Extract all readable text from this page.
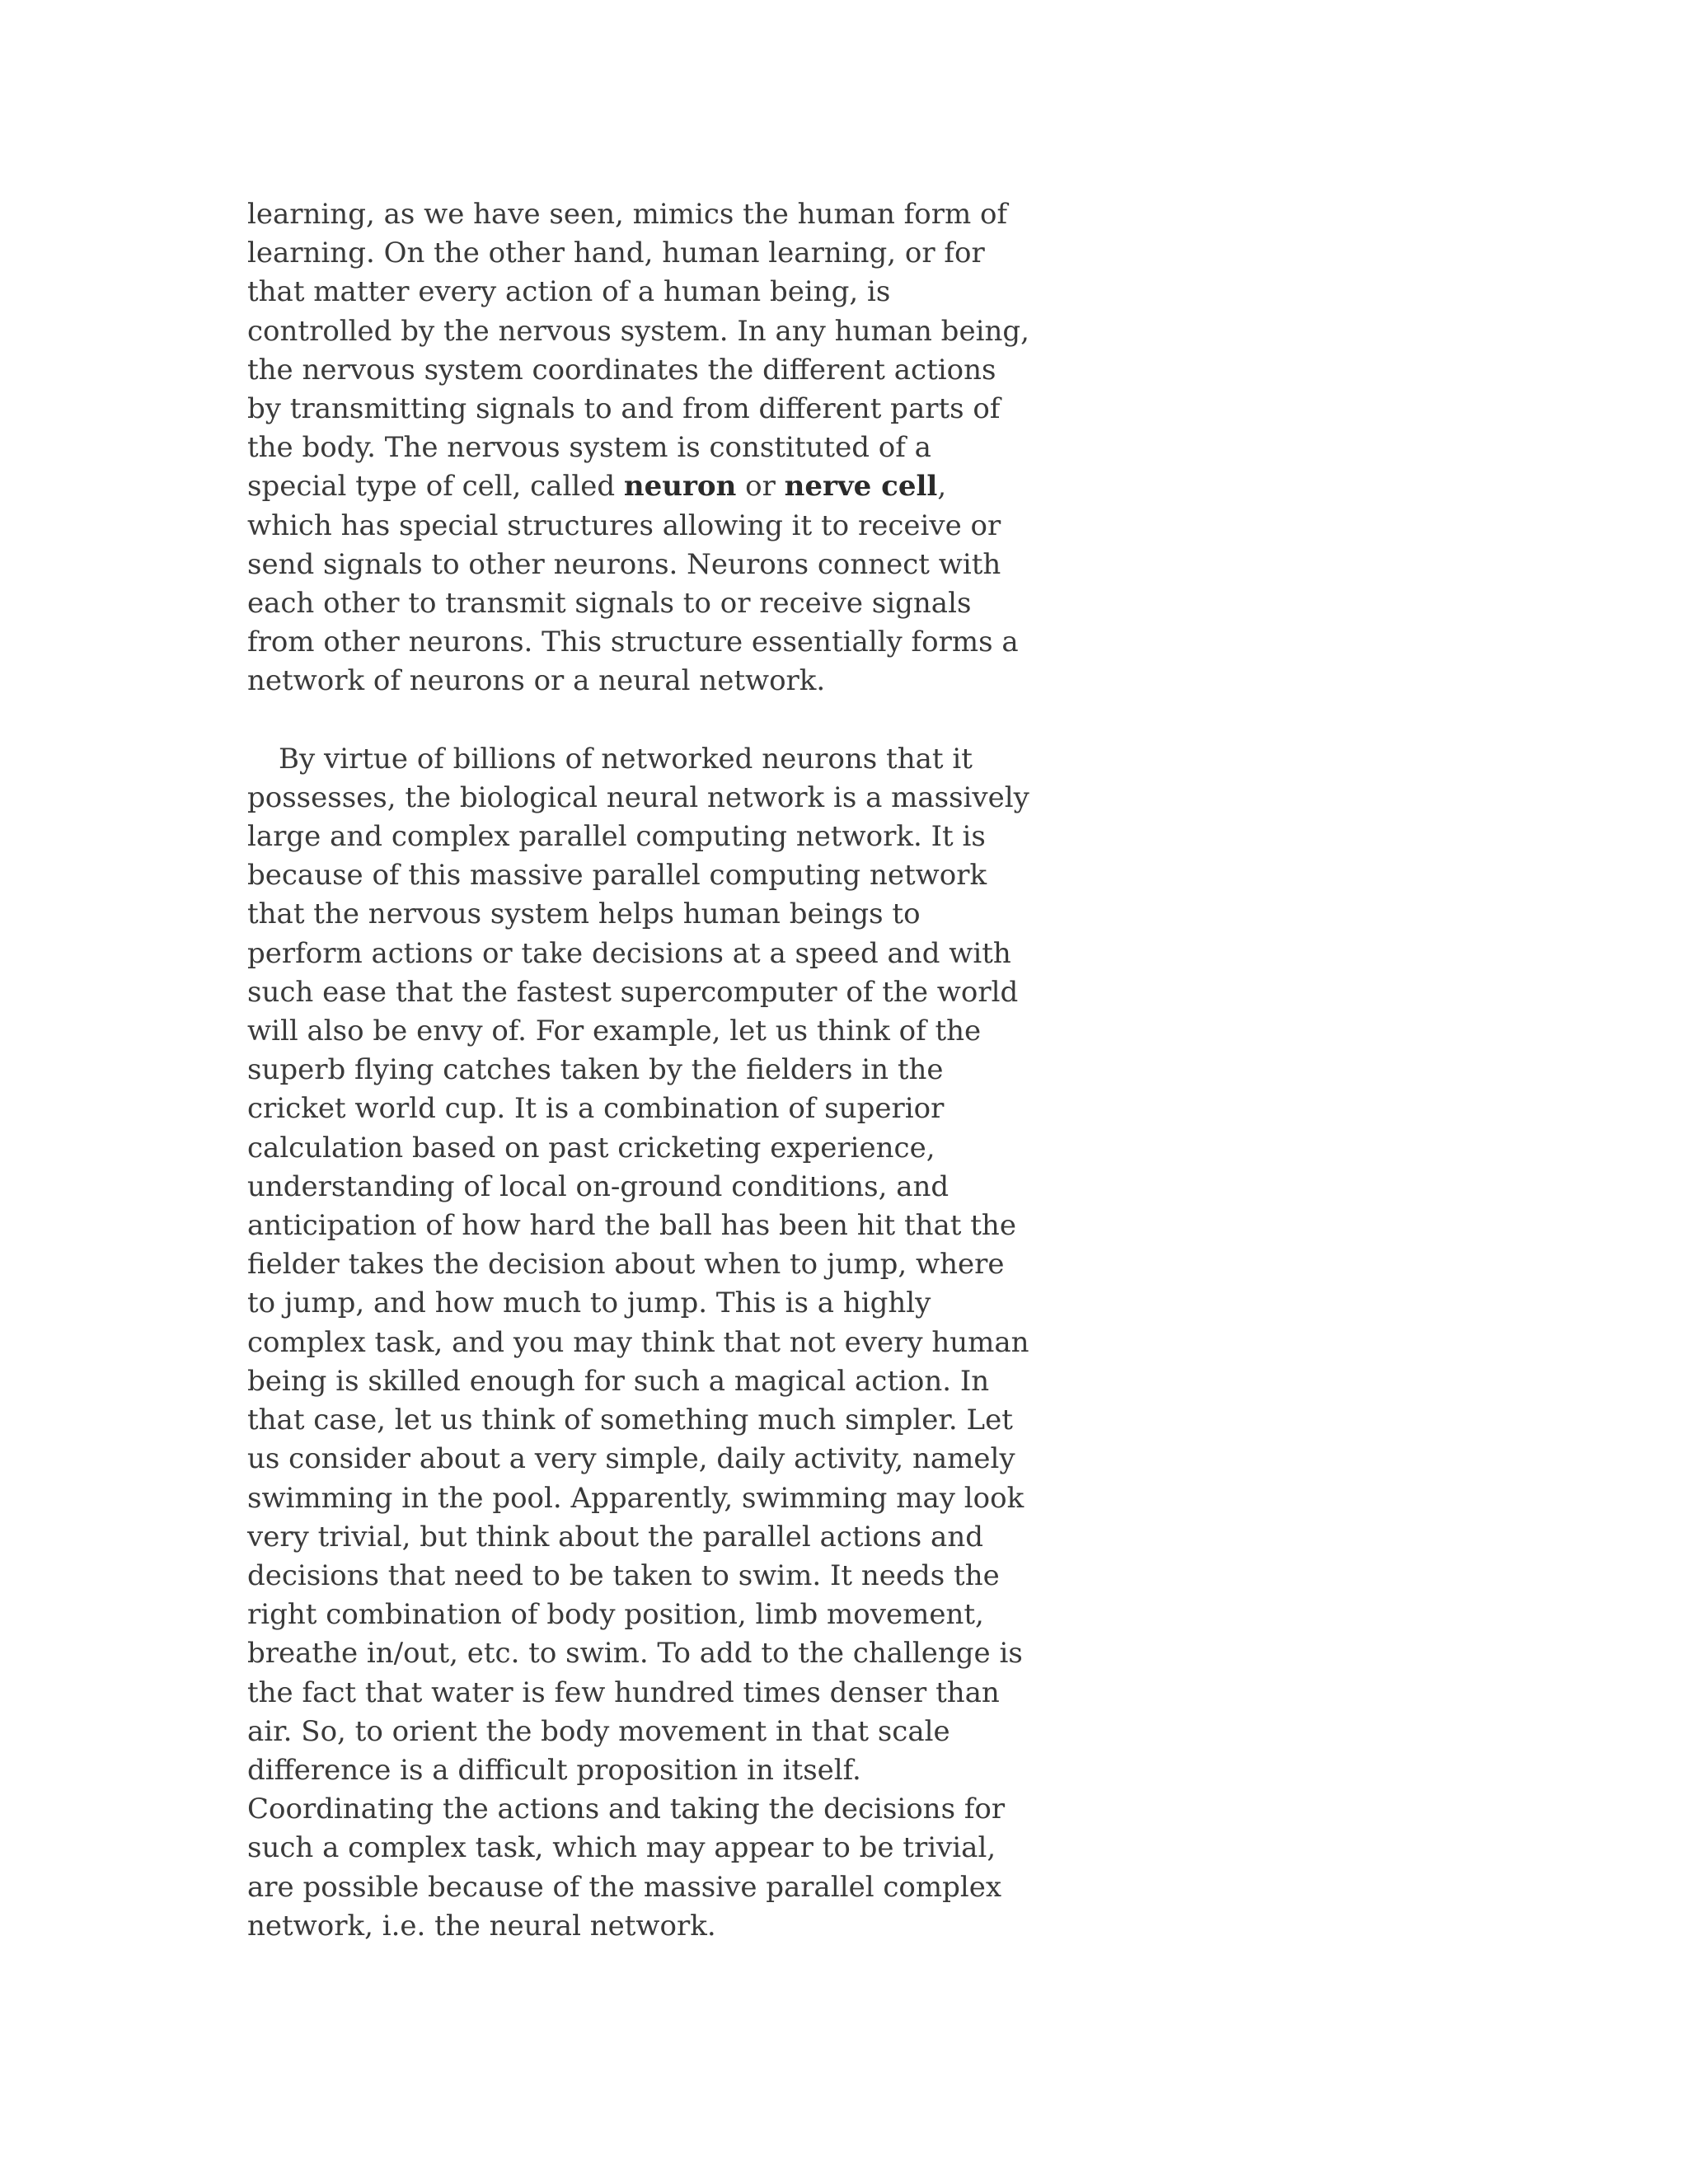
learning, as we have seen, mimics the human form of learning. On the other hand, human learning, or for that matter every action of a human being, is controlled by the nervous system. In any human being, the nervous system coordinates the different actions by transmitting signals to and from different parts of the body. The nervous system is constituted of a special type of cell, called neuron or nerve cell, which has special structures allowing it to receive or send signals to other neurons. Neurons connect with each other to transmit signals to or receive signals from other neurons. This structure essentially forms a network of neurons or a neural network.

By virtue of billions of networked neurons that it possesses, the biological neural network is a massively large and complex parallel computing network. It is because of this massive parallel computing network that the nervous system helps human beings to perform actions or take decisions at a speed and with such ease that the fastest supercomputer of the world will also be envy of. For example, let us think of the superb flying catches taken by the fielders in the cricket world cup. It is a combination of superior calculation based on past cricketing experience, understanding of local on-ground conditions, and anticipation of how hard the ball has been hit that the fielder takes the decision about when to jump, where to jump, and how much to jump. This is a highly complex task, and you may think that not every human being is skilled enough for such a magical action. In that case, let us think of something much simpler. Let us consider about a very simple, daily activity, namely swimming in the pool. Apparently, swimming may look very trivial, but think about the parallel actions and decisions that need to be taken to swim. It needs the right combination of body position, limb movement, breathe in/out, etc. to swim. To add to the challenge is the fact that water is few hundred times denser than air. So, to orient the body movement in that scale difference is a difficult proposition in itself. Coordinating the actions and taking the decisions for such a complex task, which may appear to be trivial, are possible because of the massive parallel complex network, i.e. the neural network.
